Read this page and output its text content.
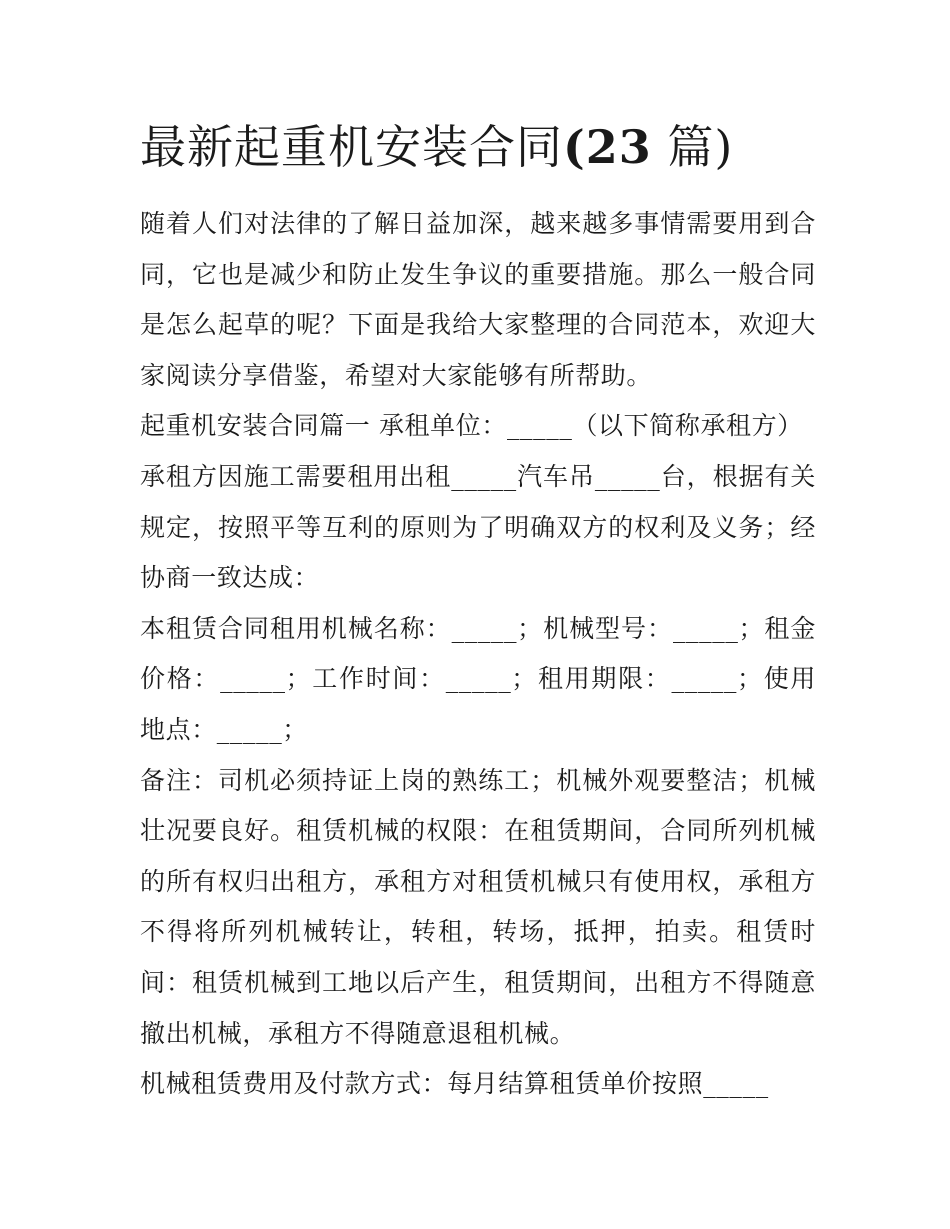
最新起重机安装合同(23 篇)

随着人们对法律的了解日益加深，越来越多事情需要用到合同，它也是减少和防止发生争议的重要措施。那么一般合同是怎么起草的呢？下面是我给大家整理的合同范本，欢迎大家阅读分享借鉴，希望对大家能够有所帮助。

起重机安装合同篇一 承租单位：_____（以下简称承租方）

承租方因施工需要租用出租_____汽车吊_____台，根据有关规定，按照平等互利的原则为了明确双方的权利及义务；经协商一致达成：

本租赁合同租用机械名称：_____；机械型号：_____；租金价格：_____；工作时间：_____；租用期限：_____；使用地点：_____；

备注：司机必须持证上岗的熟练工；机械外观要整洁；机械壮况要良好。租赁机械的权限：在租赁期间，合同所列机械的所有权归出租方，承租方对租赁机械只有使用权，承租方不得将所列机械转让，转租，转场，抵押，拍卖。租赁时间：租赁机械到工地以后产生，租赁期间，出租方不得随意撤出机械，承租方不得随意退租机械。

机械租赁费用及付款方式：每月结算租赁单价按照_____
